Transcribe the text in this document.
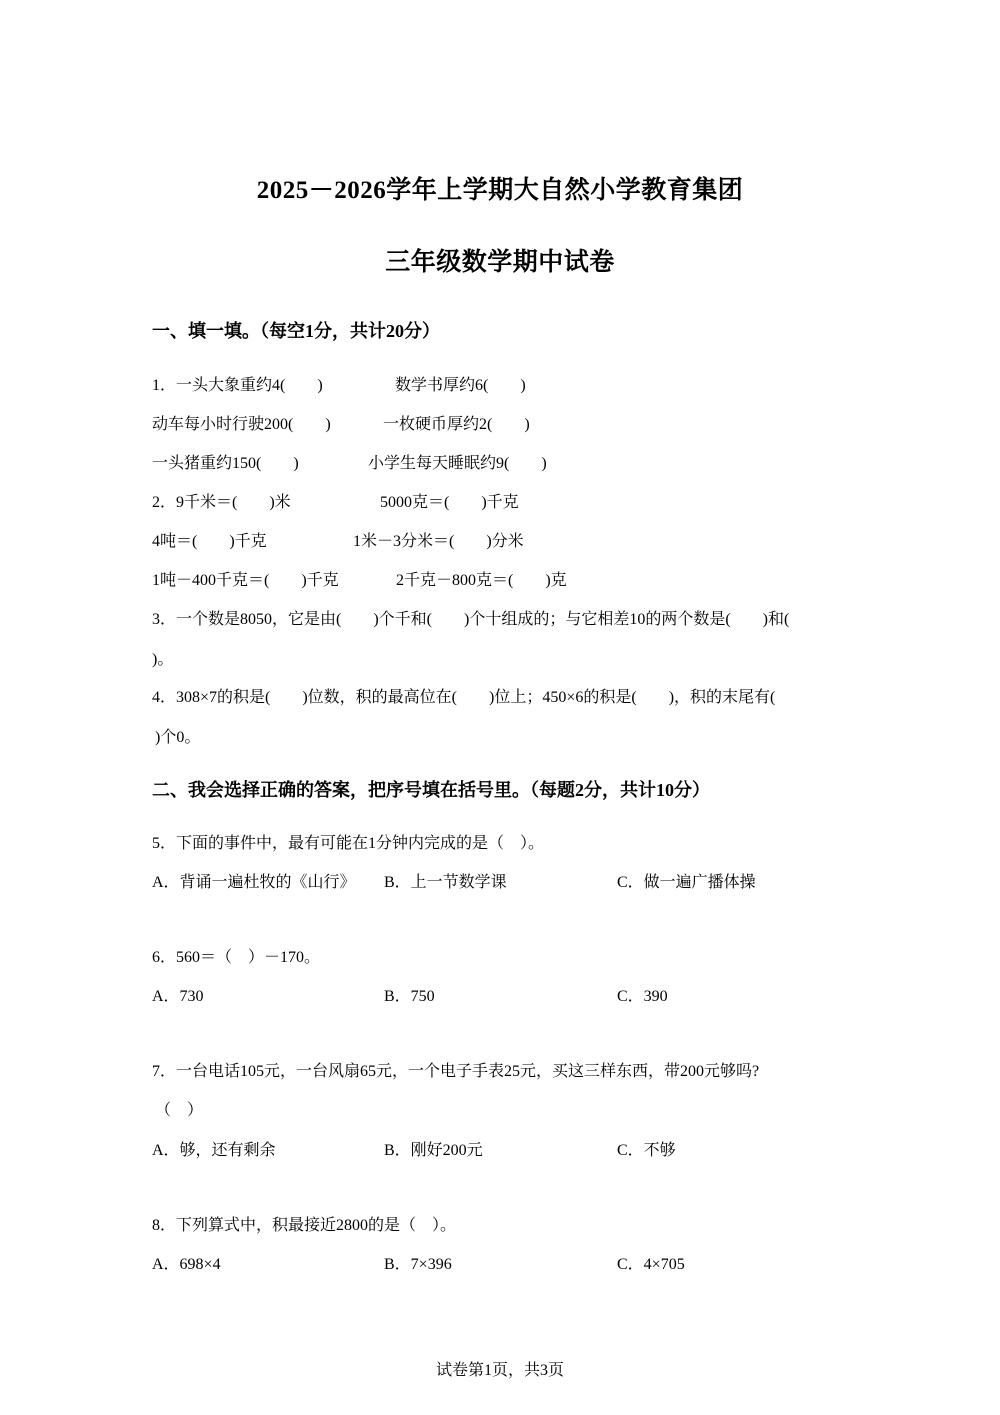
2025－2026学年上学期大自然小学教育集团
三年级数学期中试卷
一、填一填。（每空1分，共计20分）
1．一头大象重约4(　　)	数学书厚约6(　　)
动车每小时行驶200(　　)	一枚硬币厚约2(　　)
一头猪重约150(　　)	小学生每天睡眠约9(　　)
2．9千米＝(　　)米	5000克＝(　　)千克
4吨＝(　　)千克	1米－3分米＝(　　)分米
1吨－400千克＝(　　)千克	2千克－800克＝(　　)克
3．一个数是8050，它是由(　　)个千和(　　)个十组成的；与它相差10的两个数是(　　)和(
)。
4．308×7的积是(　　)位数，积的最高位在(　　)位上；450×6的积是(　　)，积的末尾有(
)个0。
二、我会选择正确的答案，把序号填在括号里。（每题2分，共计10分）
5．下面的事件中，最有可能在1分钟内完成的是（　）。
A．背诵一遍杜牧的《山行》 B．上一节数学课	C．做一遍广播体操
6．560＝（　）－170。
A．730	B．750	C．390
7．一台电话105元，一台风扇65元，一个电子手表25元，买这三样东西，带200元够吗?
（　）
A．够，还有剩余	B．刚好200元	C．不够
8．下列算式中，积最接近2800的是（　）。
A．698×4	B．7×396	C．4×705
试卷第1页，共3页
